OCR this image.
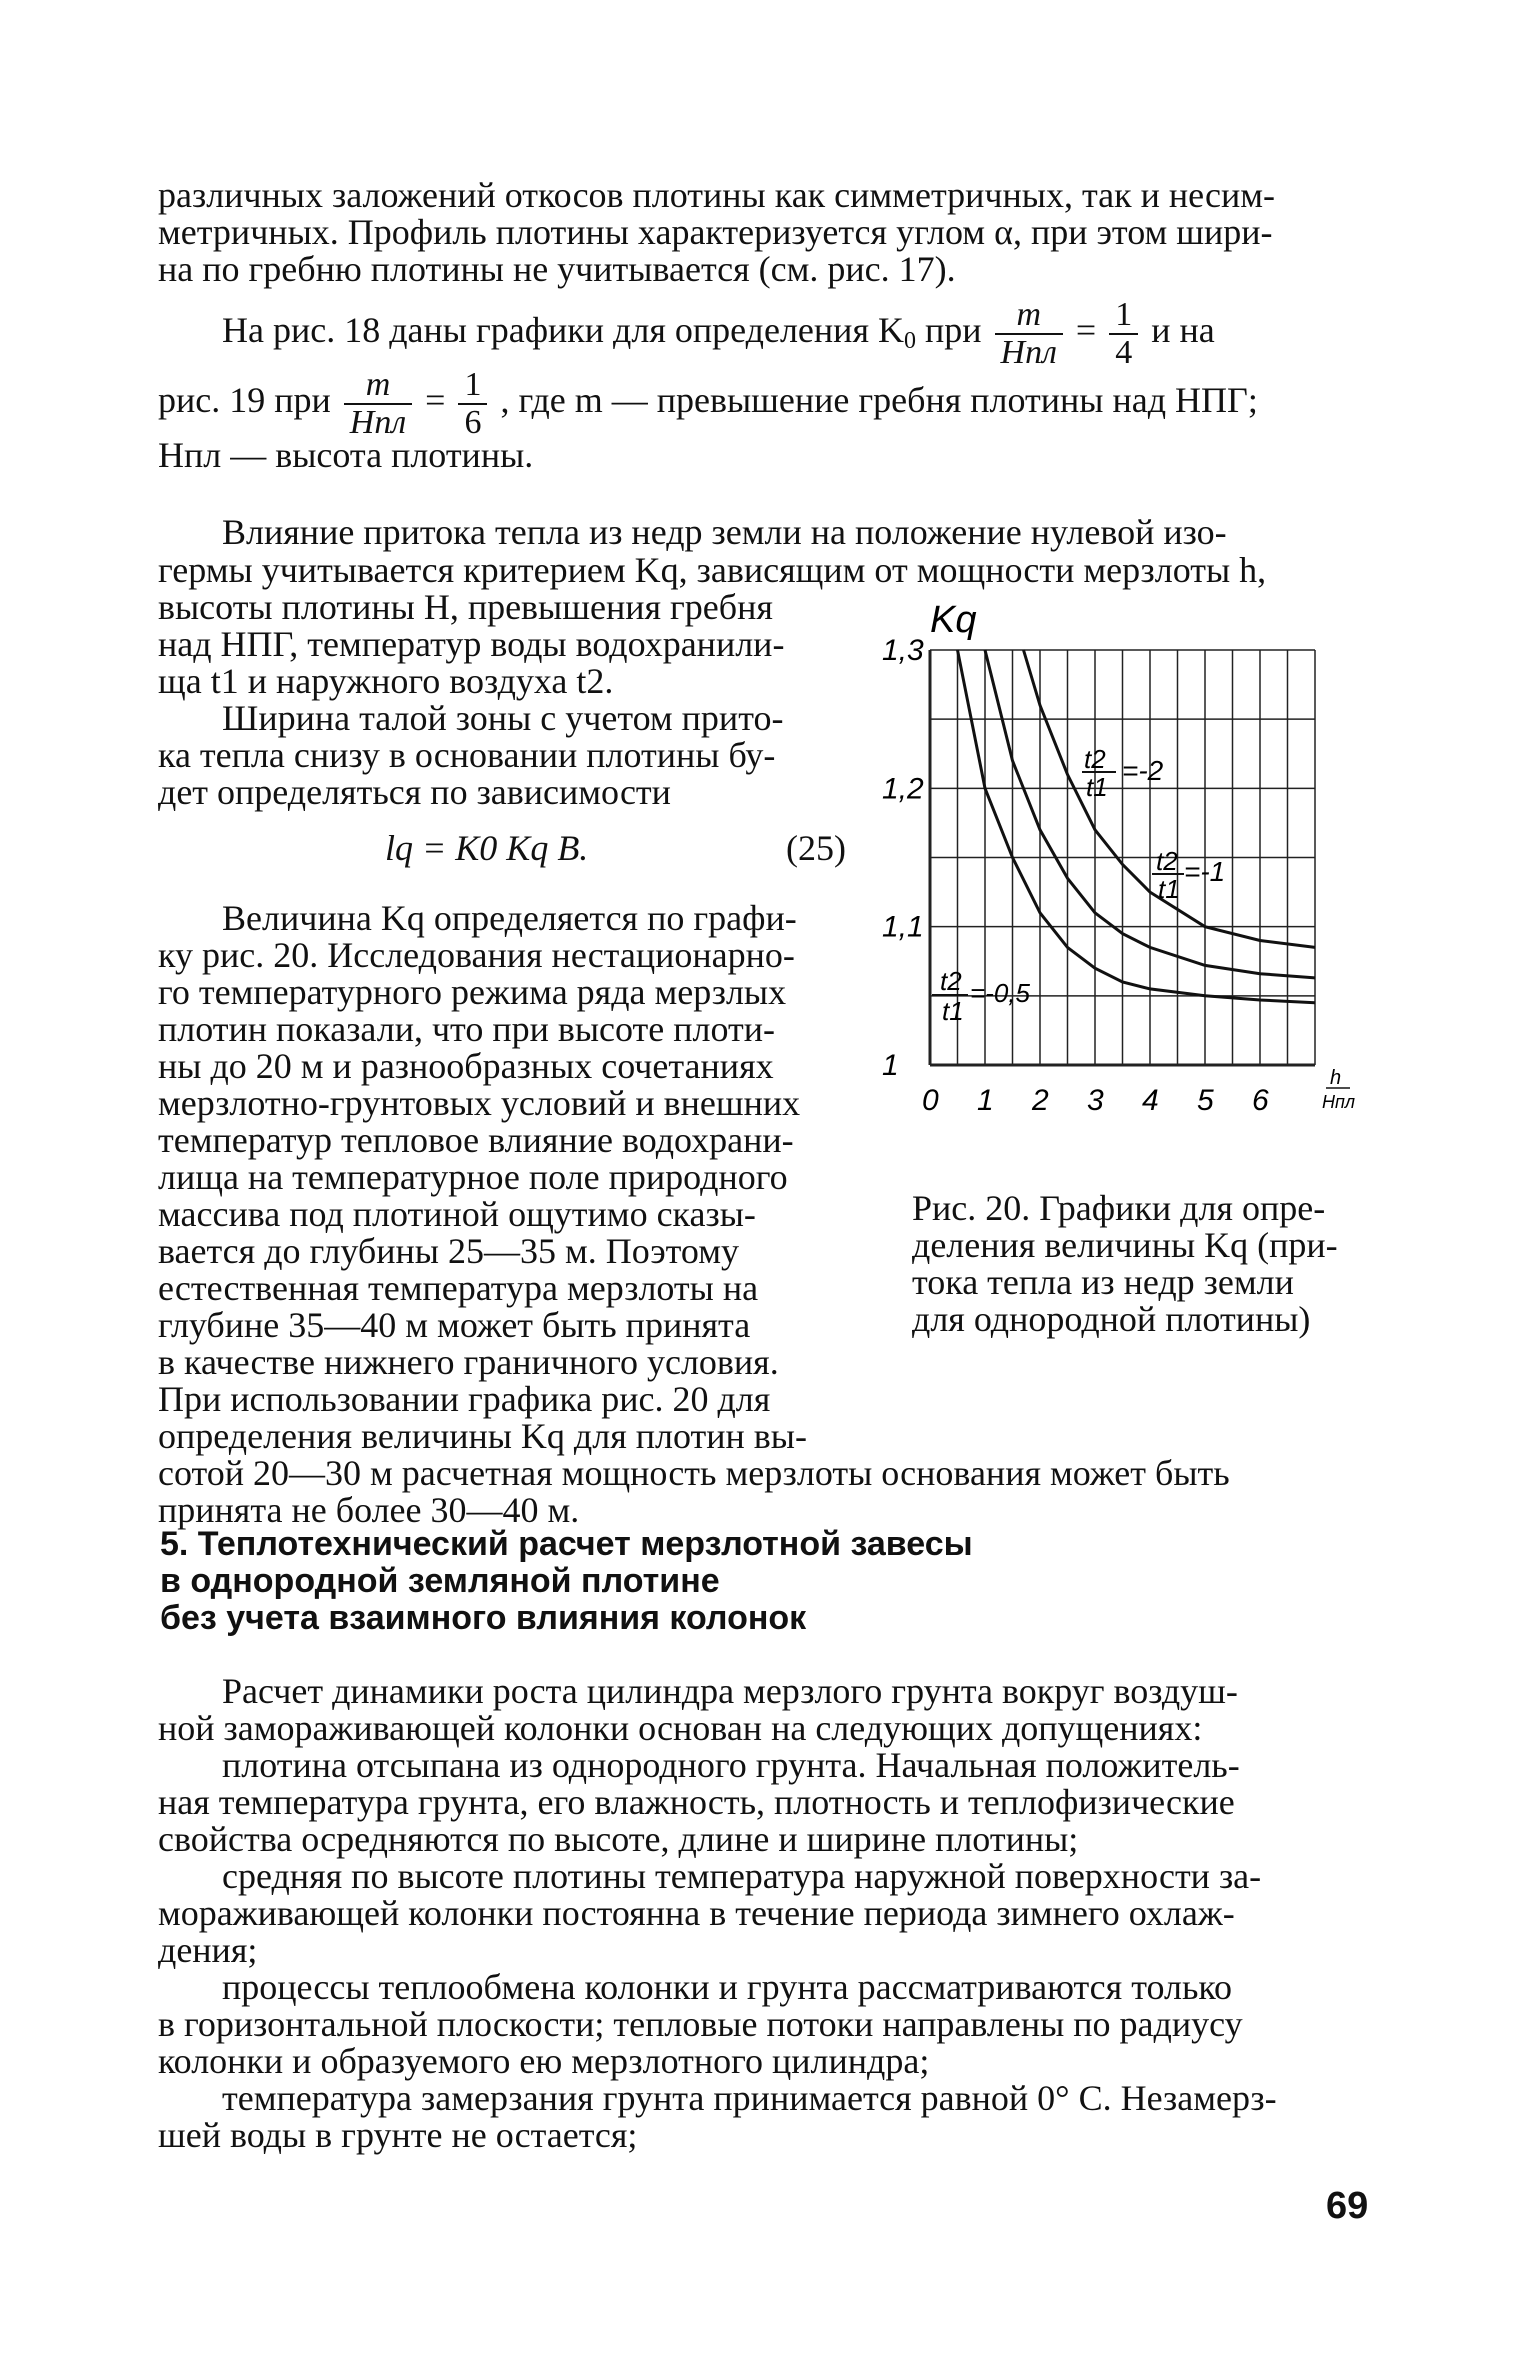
различных заложений откосов плотины как симметричных, так и несим-
метричных. Профиль плотины характеризуется углом α, при этом шири-
на по гребню плотины не учитывается (см. рис. 17).
На рис. 18 даны графики для определения $K_0$ при $\frac{m}{\text{Hпл}} = \frac{1}{4}$ и на
рис. 19 при $\frac{m}{\text{Hпл}} = \frac{1}{6}$ , где m — превышение гребня плотины над НПГ;
Hпл — высота плотины.
Влияние притока тепла из недр земли на положение нулевой изо-
гермы учитывается критерием Kq, зависящим от мощности мерзлоты h,
высоты плотины H, превышения гребня
над НПГ, температур воды водохранили-
ща t1 и наружного воздуха t2.
Ширина талой зоны с учетом прито-
ка тепла снизу в основании плотины бу-
дет определяться по зависимости
lq = K0 Kq B.	(25)
Величина Kq определяется по графи-
ку рис. 20. Исследования нестационарно-
го температурного режима ряда мерзлых
плотин показали, что при высоте плоти-
ны до 20 м и разнообразных сочетаниях
мерзлотно-грунтовых условий и внешних
температур тепловое влияние водохрани-
лища на температурное поле природного
массива под плотиной ощутимо сказы-
вается до глубины 25—35 м. Поэтому
естественная температура мерзлоты на
глубине 35—40 м может быть принята
в качестве нижнего граничного условия.
При использовании графика рис. 20 для
определения величины Kq для плотин вы-
сотой 20—30 м расчетная мощность мерзлоты основания может быть
принята не более 30—40 м.
0 1 2 3 4 5 6
1
1,1
1,2
1,3
Kq
t2
t1
=-2
t2
t1
=-1
t2
t1
=-0,5
h
Hпл
Рис. 20. Графики для опре-
деления величины Kq (при-
тока тепла из недр земли
для однородной плотины)
5. Теплотехнический расчет мерзлотной завесы
в однородной земляной плотине
без учета взаимного влияния колонок
Расчет динамики роста цилиндра мерзлого грунта вокруг воздуш-
ной замораживающей колонки основан на следующих допущениях:
плотина отсыпана из однородного грунта. Начальная положитель-
ная температура грунта, его влажность, плотность и теплофизические
свойства осредняются по высоте, длине и ширине плотины;
средняя по высоте плотины температура наружной поверхности за-
мораживающей колонки постоянна в течение периода зимнего охлаж-
дения;
процессы теплообмена колонки и грунта рассматриваются только
в горизонтальной плоскости; тепловые потоки направлены по радиусу
колонки и образуемого ею мерзлотного цилиндра;
температура замерзания грунта принимается равной 0° С. Незамерз-
шей воды в грунте не остается;
69
